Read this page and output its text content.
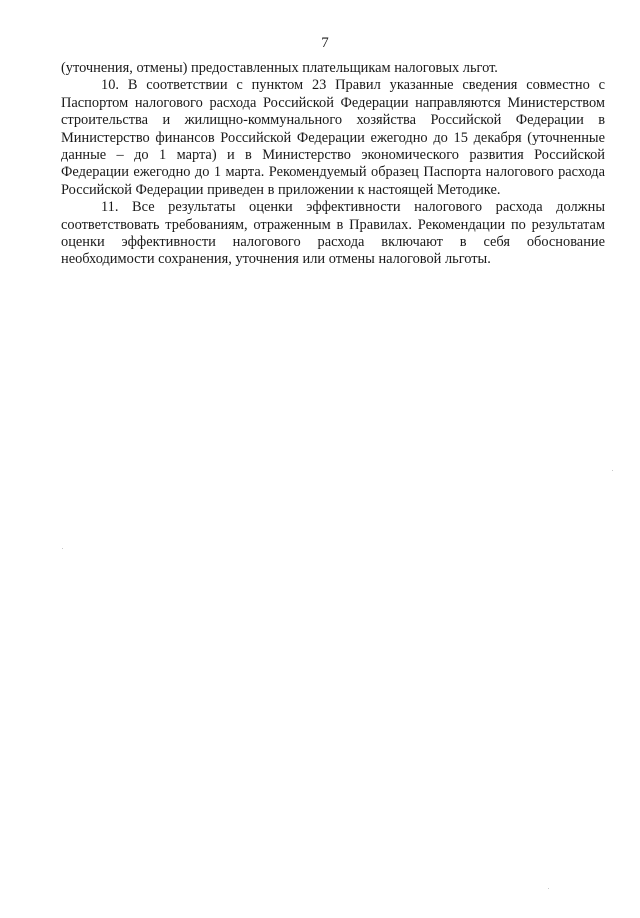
7

(уточнения, отмены) предоставленных плательщикам налоговых льгот.

10. В соответствии с пунктом 23 Правил указанные сведения совместно с Паспортом налогового расхода Российской Федерации направляются Министерством строительства и жилищно-коммунального хозяйства Российской Федерации в Министерство финансов Российской Федерации ежегодно до 15 декабря (уточненные данные – до 1 марта) и в Министерство экономического развития Российской Федерации ежегодно до 1 марта. Рекомендуемый образец Паспорта налогового расхода Российской Федерации приведен в приложении к настоящей Методике.

11. Все результаты оценки эффективности налогового расхода должны соответствовать требованиям, отраженным в Правилах. Рекомендации по результатам оценки эффективности налогового расхода включают в себя обоснование необходимости сохранения, уточнения или отмены налоговой льготы.
